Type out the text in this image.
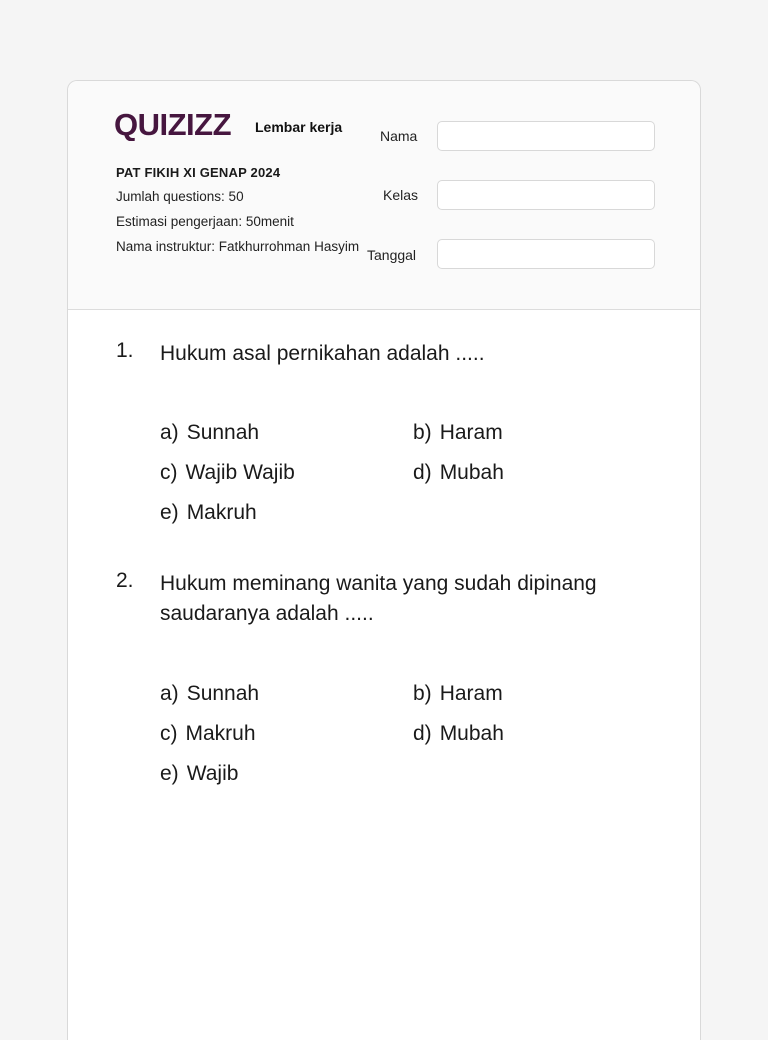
QUIZIZZ Lembar kerja
PAT FIKIH XI GENAP 2024
Jumlah questions: 50
Estimasi pengerjaan: 50menit
Nama instruktur: Fatkhurrohman Hasyim
Nama
Kelas
Tanggal
1. Hukum asal pernikahan adalah .....
a) Sunnah	b) Haram
c) Wajib Wajib	d) Mubah
e) Makruh
2. Hukum meminang wanita yang sudah dipinang saudaranya adalah .....
a) Sunnah	b) Haram
c) Makruh	d) Mubah
e) Wajib
